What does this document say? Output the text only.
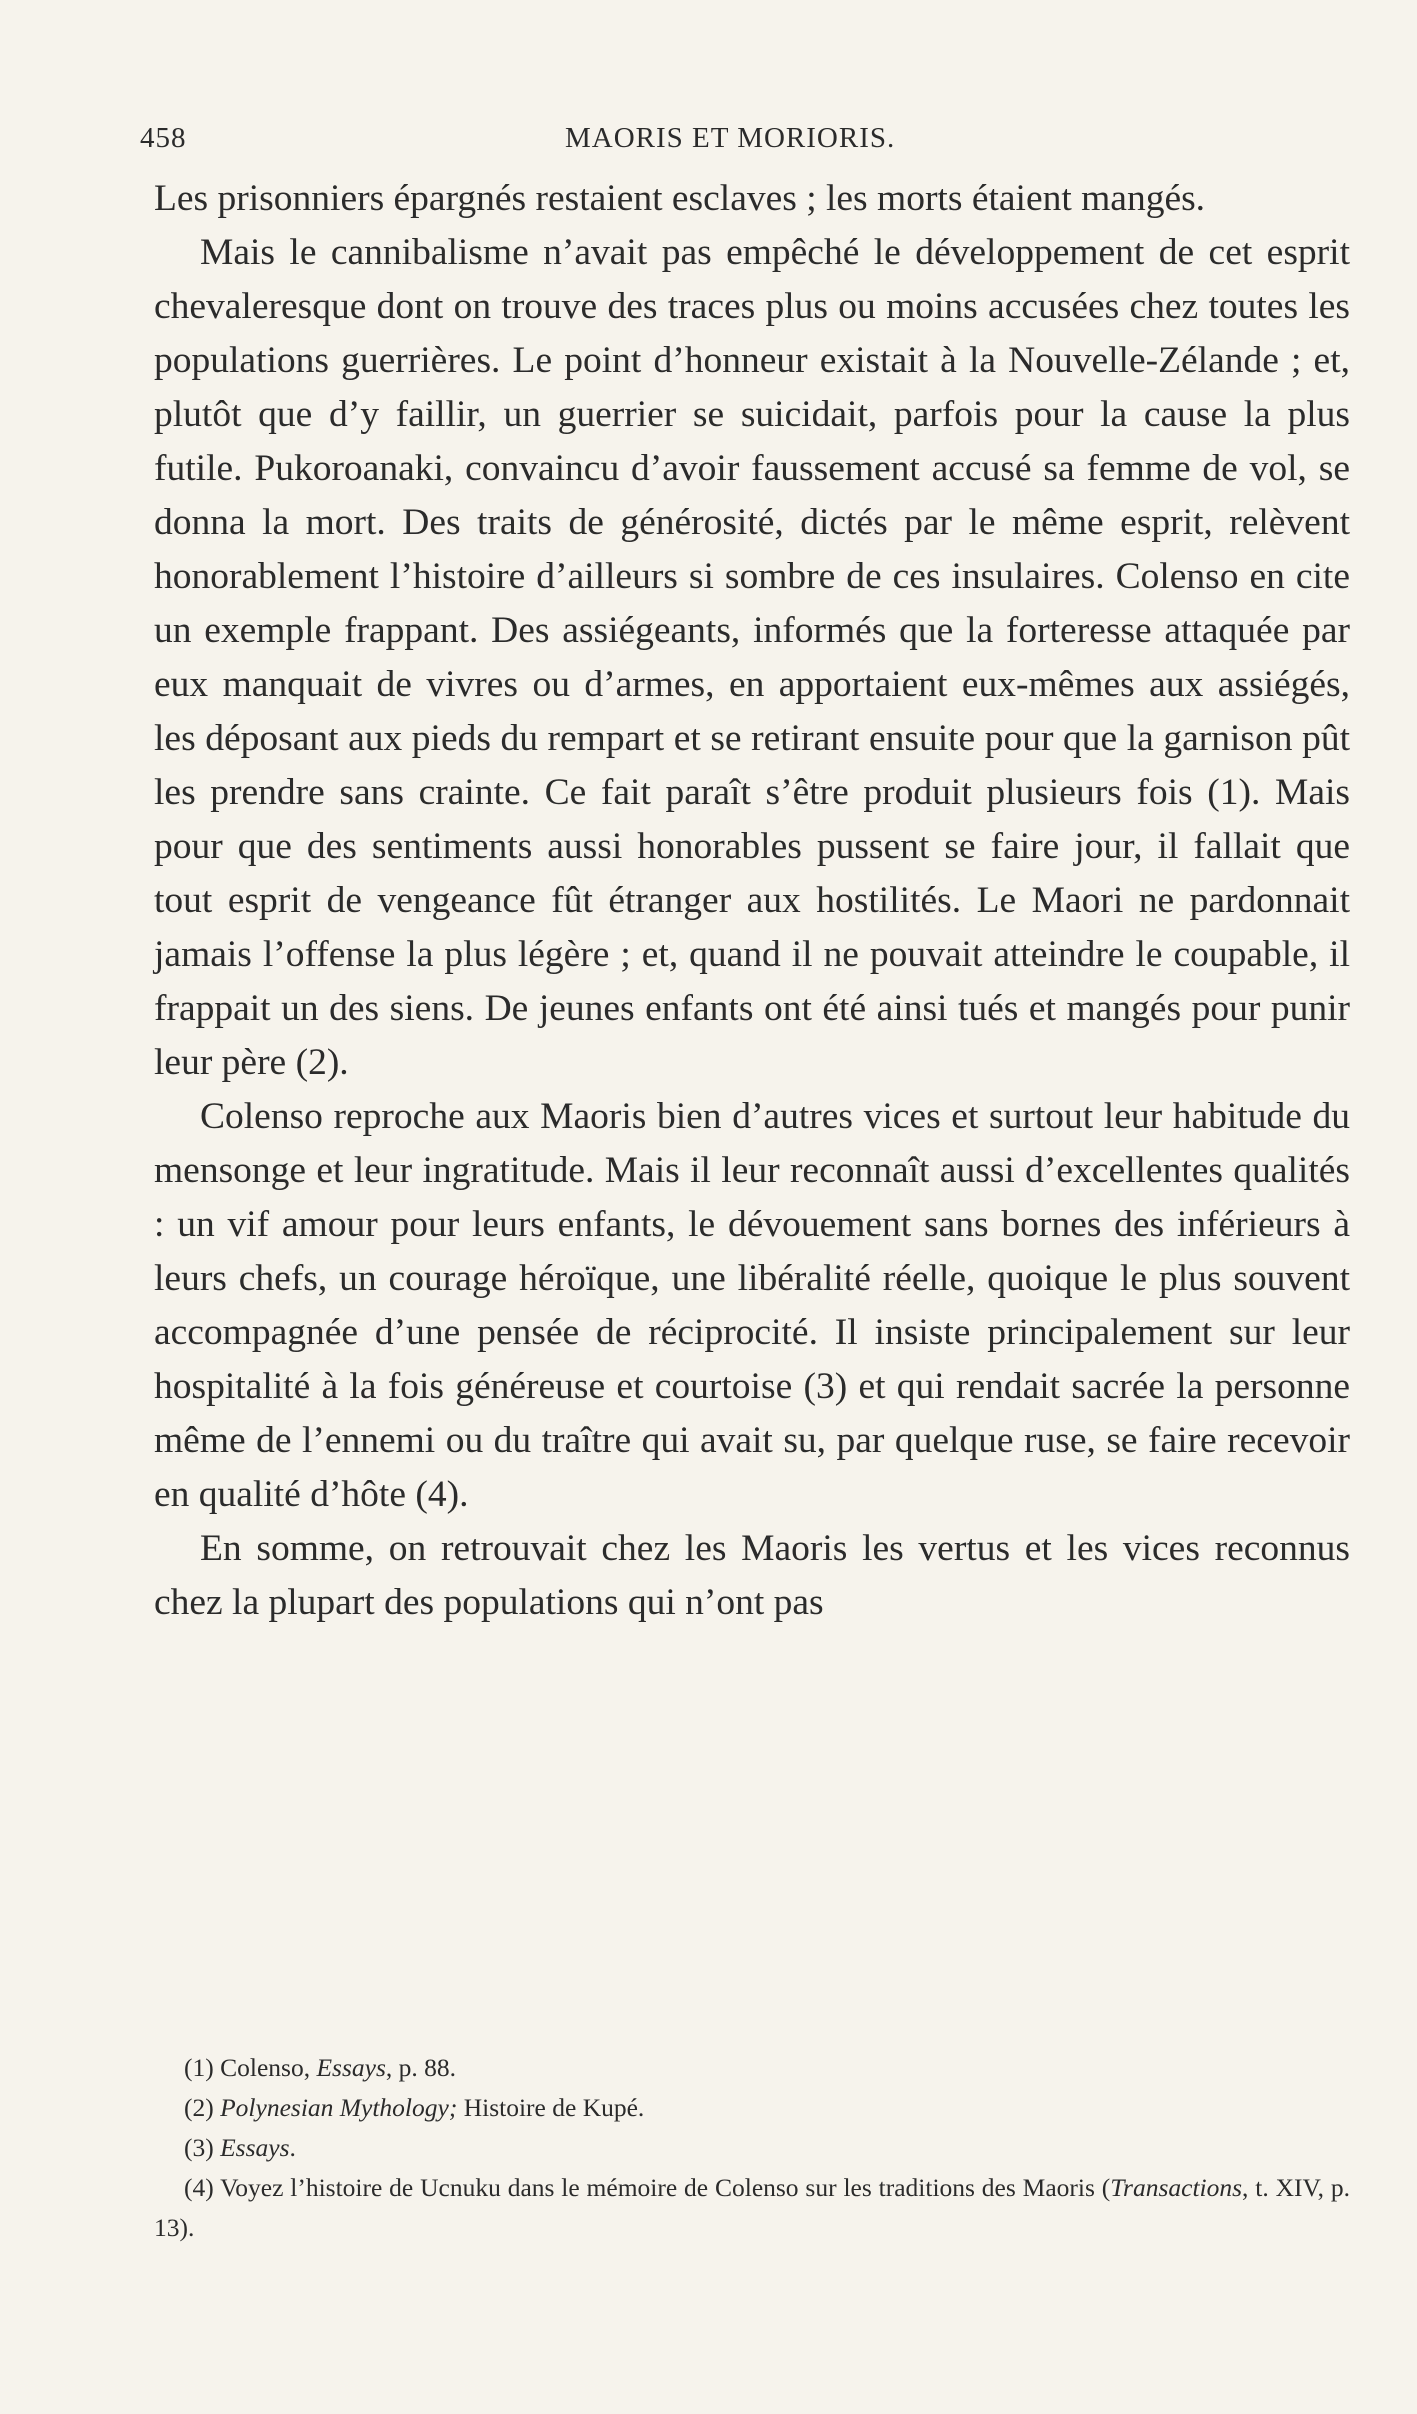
458	MAORIS ET MORIORIS.

Les prisonniers épargnés restaient esclaves ; les morts étaient mangés.

Mais le cannibalisme n’avait pas empêché le développement de cet esprit chevaleresque dont on trouve des traces plus ou moins accusées chez toutes les populations guerrières. Le point d’honneur existait à la Nouvelle-Zélande ; et, plutôt que d’y faillir, un guerrier se suicidait, parfois pour la cause la plus futile. Pukoroanaki, convaincu d’avoir faussement accusé sa femme de vol, se donna la mort. Des traits de générosité, dictés par le même esprit, relèvent honorablement l’histoire d’ailleurs si sombre de ces insulaires. Colenso en cite un exemple frappant. Des assiégeants, informés que la forteresse attaquée par eux manquait de vivres ou d’armes, en apportaient eux-mêmes aux assiégés, les déposant aux pieds du rempart et se retirant ensuite pour que la garnison pût les prendre sans crainte. Ce fait paraît s’être produit plusieurs fois (1). Mais pour que des sentiments aussi honorables pussent se faire jour, il fallait que tout esprit de vengeance fût étranger aux hostilités. Le Maori ne pardonnait jamais l’offense la plus légère ; et, quand il ne pouvait atteindre le coupable, il frappait un des siens. De jeunes enfants ont été ainsi tués et mangés pour punir leur père (2).

Colenso reproche aux Maoris bien d’autres vices et surtout leur habitude du mensonge et leur ingratitude. Mais il leur reconnaît aussi d’excellentes qualités : un vif amour pour leurs enfants, le dévouement sans bornes des inférieurs à leurs chefs, un courage héroïque, une libéralité réelle, quoique le plus souvent accompagnée d’une pensée de réciprocité. Il insiste principalement sur leur hospitalité à la fois généreuse et courtoise (3) et qui rendait sacrée la personne même de l’ennemi ou du traître qui avait su, par quelque ruse, se faire recevoir en qualité d’hôte (4).

En somme, on retrouvait chez les Maoris les vertus et les vices reconnus chez la plupart des populations qui n’ont pas

(1) Colenso, Essays, p. 88.

(2) Polynesian Mythology; Histoire de Kupé.

(3) Essays.

(4) Voyez l’histoire de Ucnuku dans le mémoire de Colenso sur les traditions des Maoris (Transactions, t. XIV, p. 13).
